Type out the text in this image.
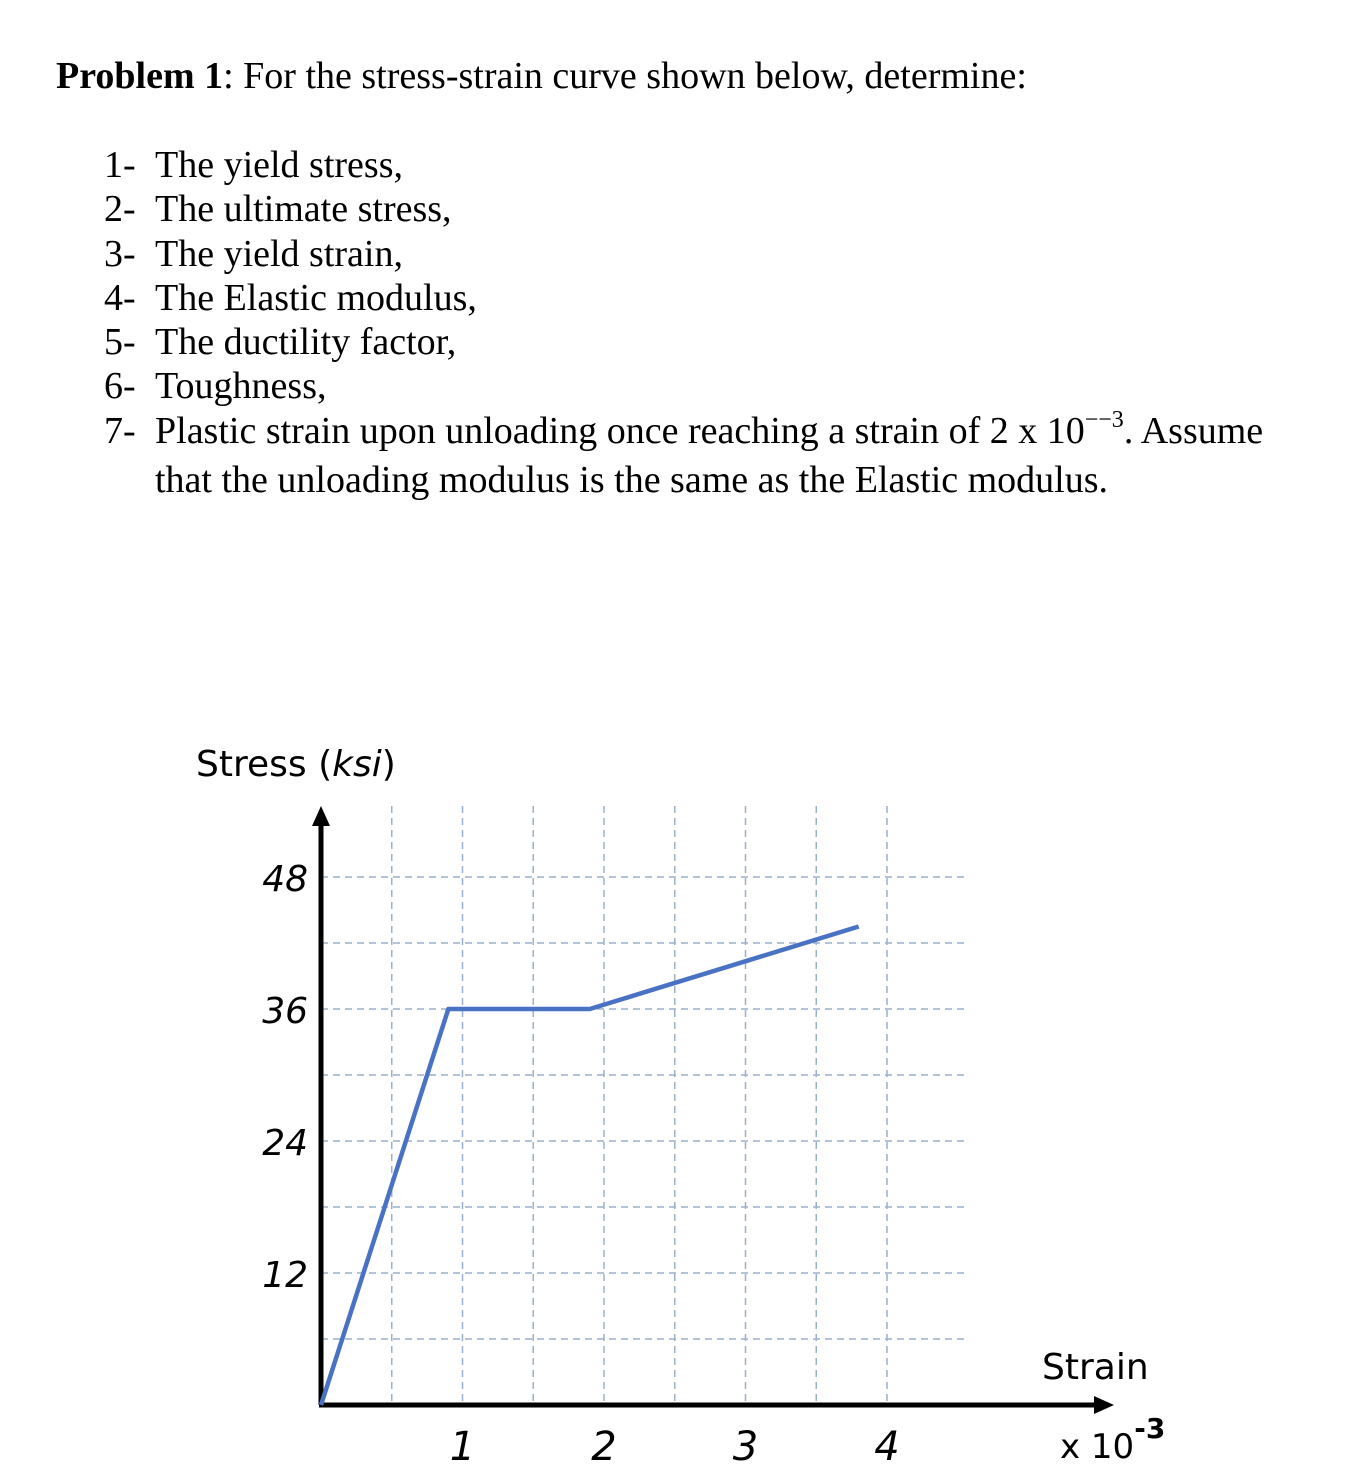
Problem 1: For the stress-strain curve shown below, determine:
1- The yield stress,
2- The ultimate stress,
3- The yield strain,
4- The Elastic modulus,
5- The ductility factor,
6- Toughness,
7- Plastic strain upon unloading once reaching a strain of 2 x $10^{--3}$. Assume
that the unloading modulus is the same as the Elastic modulus.
Stress (ksi)
12
24
36
48
1	2	3	4
Strain
x $10^{-3}$
